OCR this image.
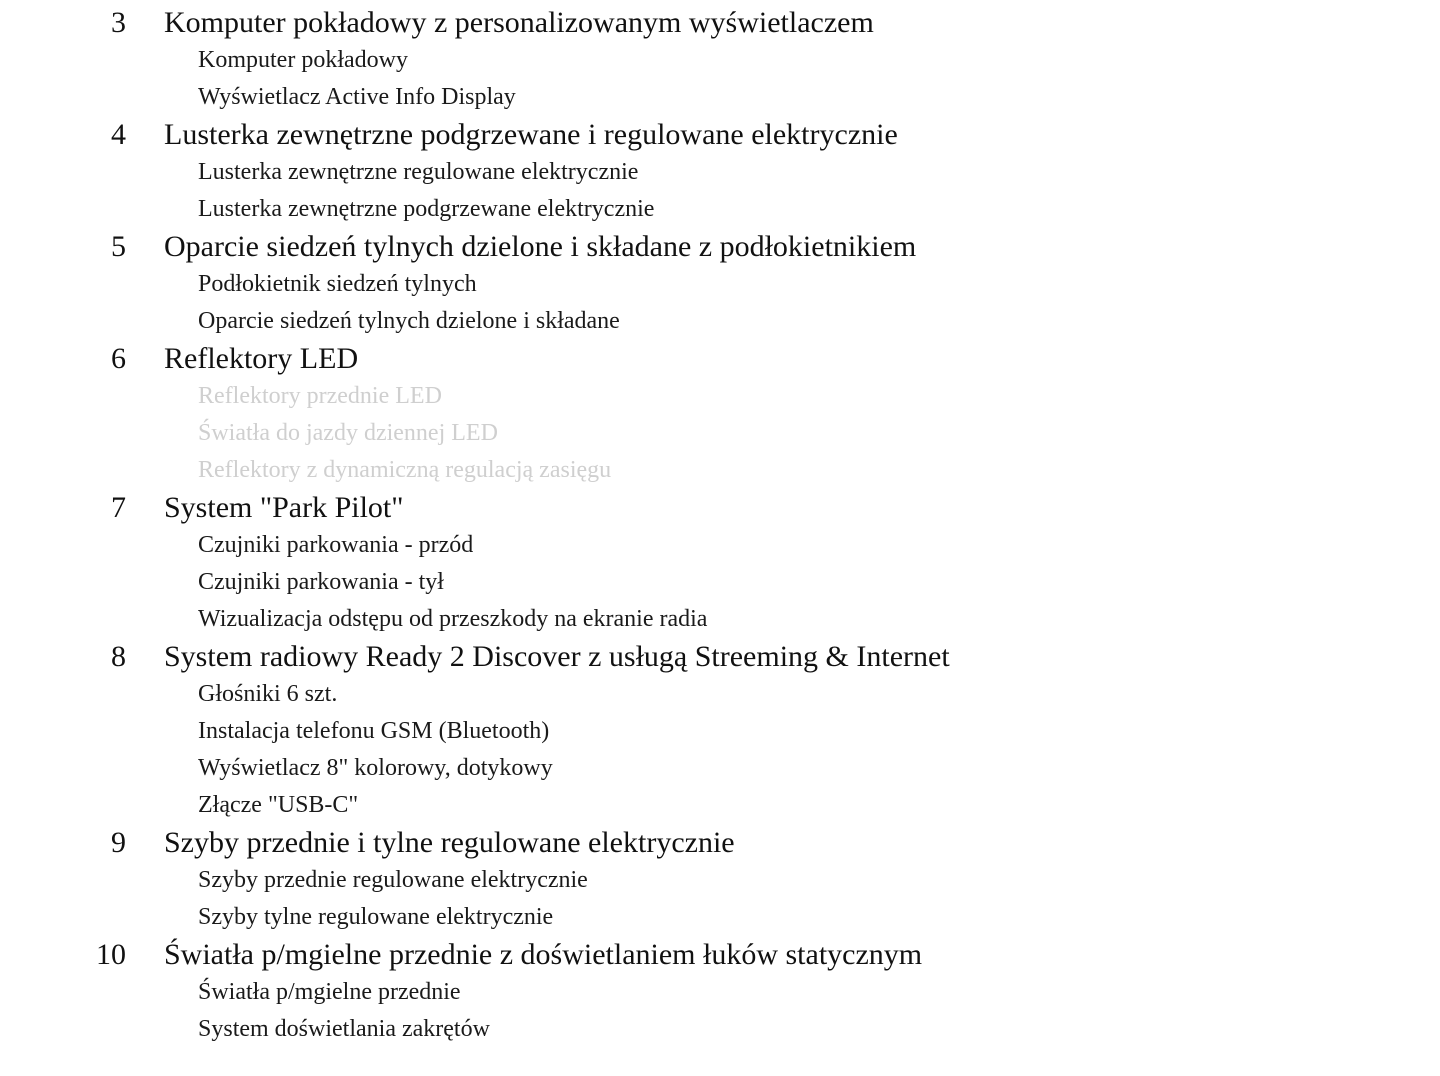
3 Komputer pokładowy z personalizowanym wyświetlaczem
Komputer pokładowy
Wyświetlacz Active Info Display
4 Lusterka zewnętrzne podgrzewane i regulowane elektrycznie
Lusterka zewnętrzne regulowane elektrycznie
Lusterka zewnętrzne podgrzewane elektrycznie
5 Oparcie siedzeń tylnych dzielone i składane z podłokietnikiem
Podłokietnik siedzeń tylnych
Oparcie siedzeń tylnych dzielone i składane
6 Reflektory LED
Reflektory przednie LED
Światła do jazdy dziennej LED
Reflektory z dynamiczną regulacją zasięgu
7 System "Park Pilot"
Czujniki parkowania - przód
Czujniki parkowania - tył
Wizualizacja odstępu od przeszkody na ekranie radia
8 System radiowy Ready 2 Discover z usługą Streeming & Internet
Głośniki 6 szt.
Instalacja telefonu GSM (Bluetooth)
Wyświetlacz 8" kolorowy, dotykowy
Złącze "USB-C"
9 Szyby przednie i tylne regulowane elektrycznie
Szyby przednie regulowane elektrycznie
Szyby tylne regulowane elektrycznie
10 Światła p/mgielne przednie z doświetlaniem łuków statycznym
Światła p/mgielne przednie
System doświetlania zakrętów
